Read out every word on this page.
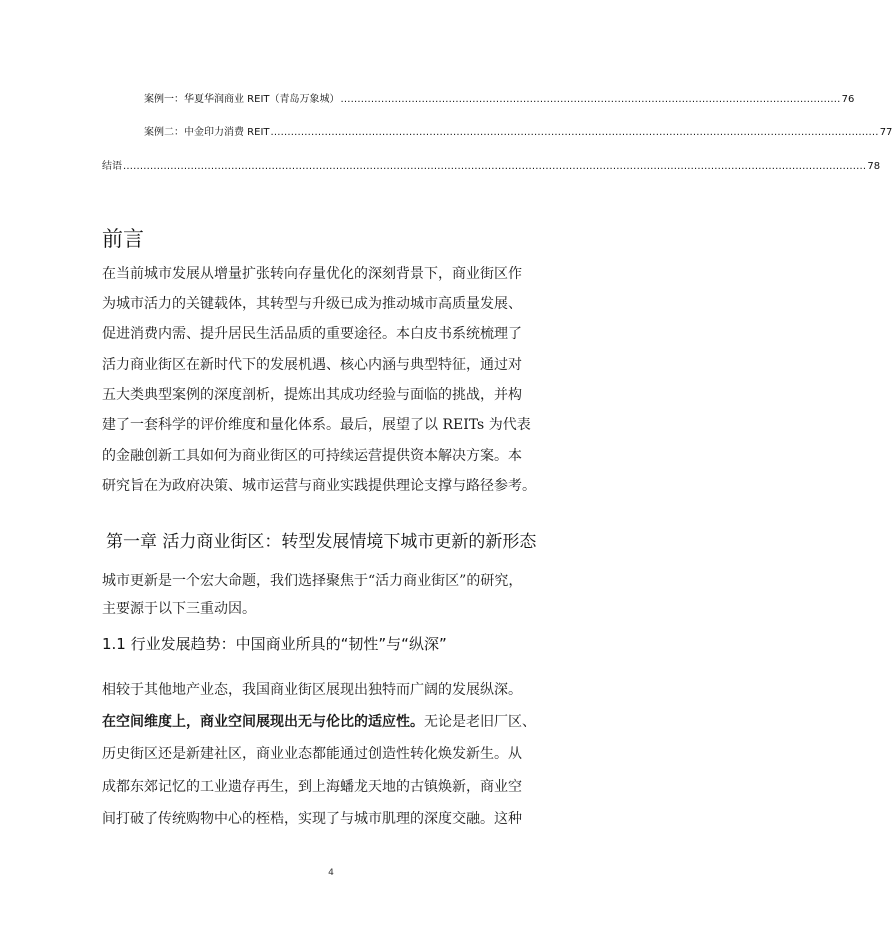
案例一：华夏华润商业 REIT（青岛万象城） .................................................................................................................................................... 76
案例二：中金印力消费 REIT .................................................................................................................................................................................... 77
结语 ............................................................................................................................................................................................................................ 78
前言
在当前城市发展从增量扩张转向存量优化的深刻背景下，商业街区作
为城市活力的关键载体，其转型与升级已成为推动城市高质量发展、
促进消费内需、提升居民生活品质的重要途径。本白皮书系统梳理了
活力商业街区在新时代下的发展机遇、核心内涵与典型特征，通过对
五大类典型案例的深度剖析，提炼出其成功经验与面临的挑战，并构
建了一套科学的评价维度和量化体系。最后，展望了以 REITs 为代表
的金融创新工具如何为商业街区的可持续运营提供资本解决方案。本
研究旨在为政府决策、城市运营与商业实践提供理论支撑与路径参考。
第一章 活力商业街区：转型发展情境下城市更新的新形态
城市更新是一个宏大命题，我们选择聚焦于“活力商业街区”的研究，
主要源于以下三重动因。
1.1 行业发展趋势：中国商业所具的“韧性”与“纵深”
相较于其他地产业态，我国商业街区展现出独特而广阔的发展纵深。
在空间维度上，商业空间展现出无与伦比的适应性。无论是老旧厂区、
历史街区还是新建社区，商业业态都能通过创造性转化焕发新生。从
成都东郊记忆的工业遗存再生，到上海蟠龙天地的古镇焕新，商业空
间打破了传统购物中心的桎梏，实现了与城市肌理的深度交融。这种
4
